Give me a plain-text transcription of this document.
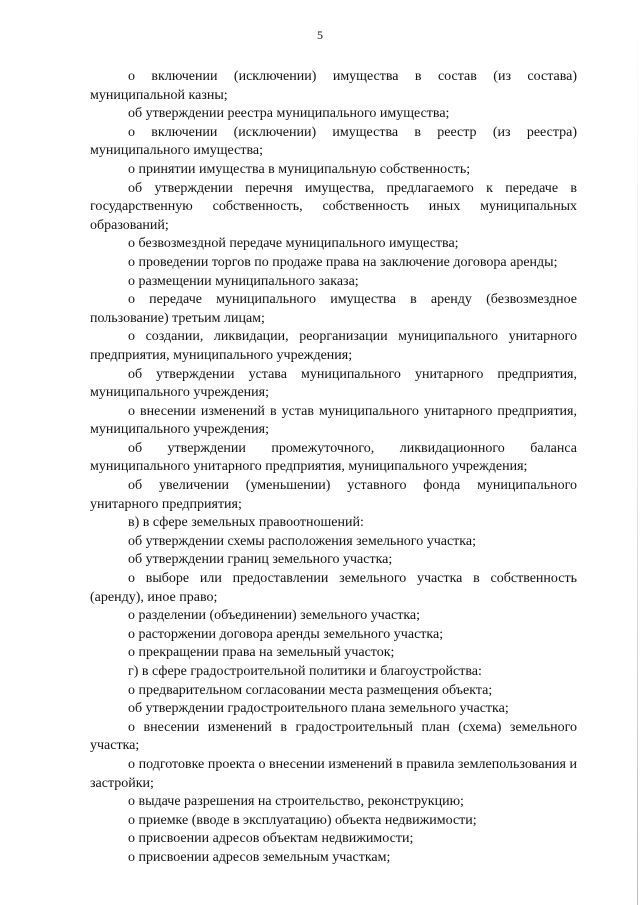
5

о включении (исключении) имущества в состав (из состава) муниципальной казны;

об утверждении реестра муниципального имущества;

о включении (исключении) имущества в реестр (из реестра) муниципального имущества;

о принятии имущества в муниципальную собственность;

об утверждении перечня имущества, предлагаемого к передаче в государственную собственность, собственность иных муниципальных образований;

о безвозмездной передаче муниципального имущества;

о проведении торгов по продаже права на заключение договора аренды;

о размещении муниципального заказа;

о передаче муниципального имущества в аренду (безвозмездное пользование) третьим лицам;

о создании, ликвидации, реорганизации муниципального унитарного предприятия, муниципального учреждения;

об утверждении устава муниципального унитарного предприятия, муниципального учреждения;

о внесении изменений в устав муниципального унитарного предприятия, муниципального учреждения;

об утверждении промежуточного, ликвидационного баланса муниципального унитарного предприятия, муниципального учреждения;

об увеличении (уменьшении) уставного фонда муниципального унитарного предприятия;

в) в сфере земельных правоотношений:

об утверждении схемы расположения земельного участка;

об утверждении границ земельного участка;

о выборе или предоставлении земельного участка в собственность (аренду), иное право;

о разделении (объединении) земельного участка;

о расторжении договора аренды земельного участка;

о прекращении права на земельный участок;

г) в сфере градостроительной политики и благоустройства:

о предварительном согласовании места размещения объекта;

об утверждении градостроительного плана земельного участка;

о внесении изменений в градостроительный план (схема) земельного участка;

о подготовке проекта о внесении изменений в правила землепользования и застройки;

о выдаче разрешения на строительство, реконструкцию;

о приемке (вводе в эксплуатацию) объекта недвижимости;

о присвоении адресов объектам недвижимости;

о присвоении адресов земельным участкам;
